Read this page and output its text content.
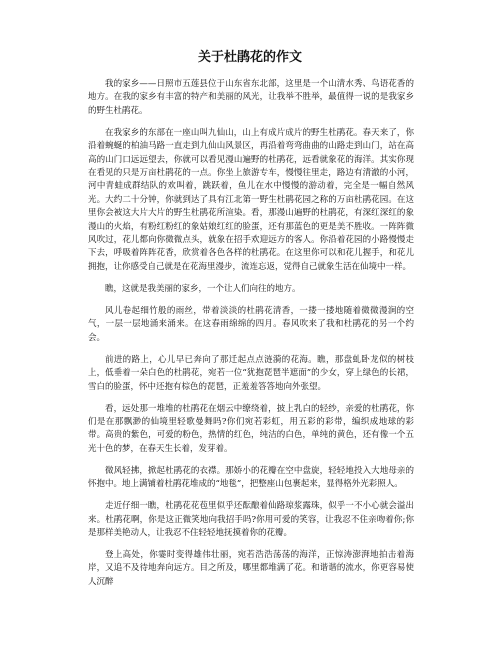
关于杜鹃花的作文

我的家乡——日照市五莲县位于山东省东北部，这里是一个山清水秀、鸟语花香的地方。在我的家乡有丰富的特产和美丽的风光，让我举不胜举，最值得一说的是我家乡的野生杜鹃花。

在我家乡的东部在一座山叫九仙山，山上有成片成片的野生杜鹃花。春天来了，你沿着蜿蜒的柏油马路一直走到九仙山风景区，再沿着弯弯曲曲的山路走到山门，站在高高的山门口远远望去，你就可以看见漫山遍野的杜鹃花，远看就象花的海洋。其实你现在看见的只是万亩杜鹃花的一点。你坐上旅游专车，慢慢往里走，路边有清澈的小河，河中青蛙成群结队的欢叫着，跳跃着，鱼儿在水中慢慢的游动着，完全是一幅自然风光。大约二十分钟，你就到达了具有江北第一野生杜鹃花园之称的万亩杜鹃花园。在这里你会被这大片大片的野生杜鹃花所渲染。看，那漫山遍野的杜鹃花，有深红深红的象漫山的火焰，有粉红粉红的象姑娘红红的脸蛋，还有那蓝色的更是美不胜收。一阵阵微风吹过，花儿都向你微微点头，就象在招手欢迎远方的客人。你沿着花园的小路慢慢走下去，呼吸着阵阵花香，欣赏着各色各样的杜鹃花。在这里你可以和花儿握手，和花儿拥抱，让你感受自己就是在花海里漫步，流连忘返，觉得自己就象生活在仙境中一样。

瞧，这就是我美丽的家乡，一个让人们向往的地方。

风儿卷起细竹般的雨丝，带着淡淡的杜鹃花清香，一搂一搂地随着微微漫涧的空气，一层一层地涌来涌来。在这春雨绵绵的四月。春风吹来了我和杜鹃花的另一个约会。

前进的路上，心儿早已奔向了那迁起点点涟漪的花海。瞧，那盘虬卧龙似的树枝上，低垂着一朵白色的杜鹃花，宛若一位“犹抱琵琶半遮面”的少女，穿上绿色的长裙，雪白的脸蛋，怀中还抱有棕色的琵琶，正羞羞答答地向外张望。

看，远处那一堆堆的杜鹃花在烟云中缭绕着，披上乳白的轻纱，亲爱的杜鹃花，你们是在那飘渺的仙境里轻歌曼舞吗?你们宛若彩虹，用五彩的彩带，编织成地球的彩带。高贵的紫色，可爱的粉色，热情的红色，纯洁的白色，单纯的黄色，还有像一个五光十色的梦，在春天生长着，发芽着。

微风轻拂，掀起杜鹃花的衣襟。那娇小的花瓣在空中盘旋，轻轻地投入大地母亲的怀抱中。地上满铺着杜鹃花堆成的“地毯”，把整座山包裹起来，显得格外光彩照人。

走近仔细一瞧，杜鹃花花苞里似乎还酝酿着仙路琼浆露珠，似乎一不小心就会溢出来。杜鹃花啊，你是这正微笑地向我招手吗?你用可爱的笑容，让我忍不住亲吻着你;你是那样美艳动人，让我忍不住轻轻地抚摸着你的花瓣。

登上高处，你霎时变得雄伟壮丽，宛若浩浩荡荡的海洋，正惊涛澎湃地拍击着海岸，又追不及待地奔向远方。目之所及，哪里都堆满了花。和谐谐的流水，你更容易使人沉醉
